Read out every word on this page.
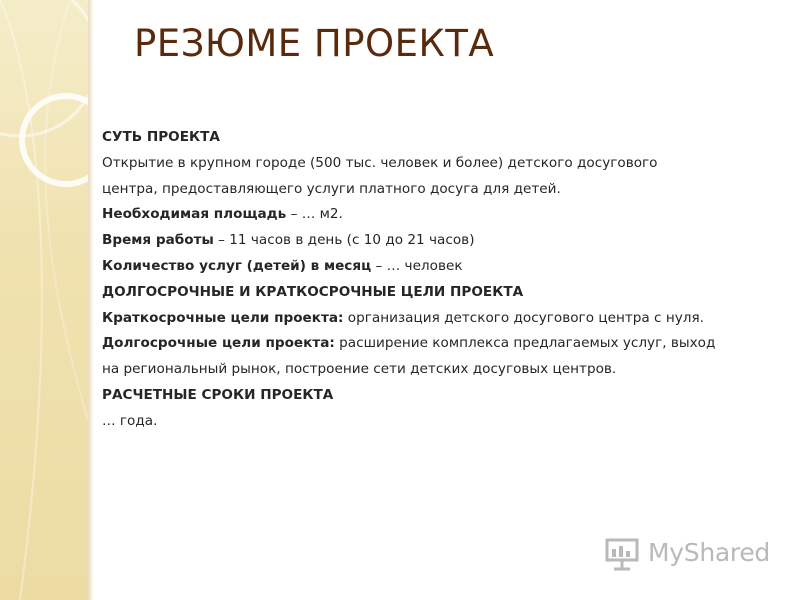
РЕЗЮМЕ ПРОЕКТА
СУТЬ ПРОЕКТА
Открытие в крупном городе (500 тыс. человек и более) детского досугового
центра, предоставляющего услуги платного досуга для детей.
Необходимая площадь – … м2.
Время работы – 11 часов в день (с 10 до 21 часов)
Количество услуг (детей) в месяц – … человек
ДОЛГОСРОЧНЫЕ И КРАТКОСРОЧНЫЕ ЦЕЛИ ПРОЕКТА
Краткосрочные цели проекта: организация детского досугового центра с нуля.
Долгосрочные цели проекта: расширение комплекса предлагаемых услуг, выход
на региональный рынок, построение сети детских досуговых центров.
РАСЧЕТНЫЕ СРОКИ ПРОЕКТА
… года.
MyShared
